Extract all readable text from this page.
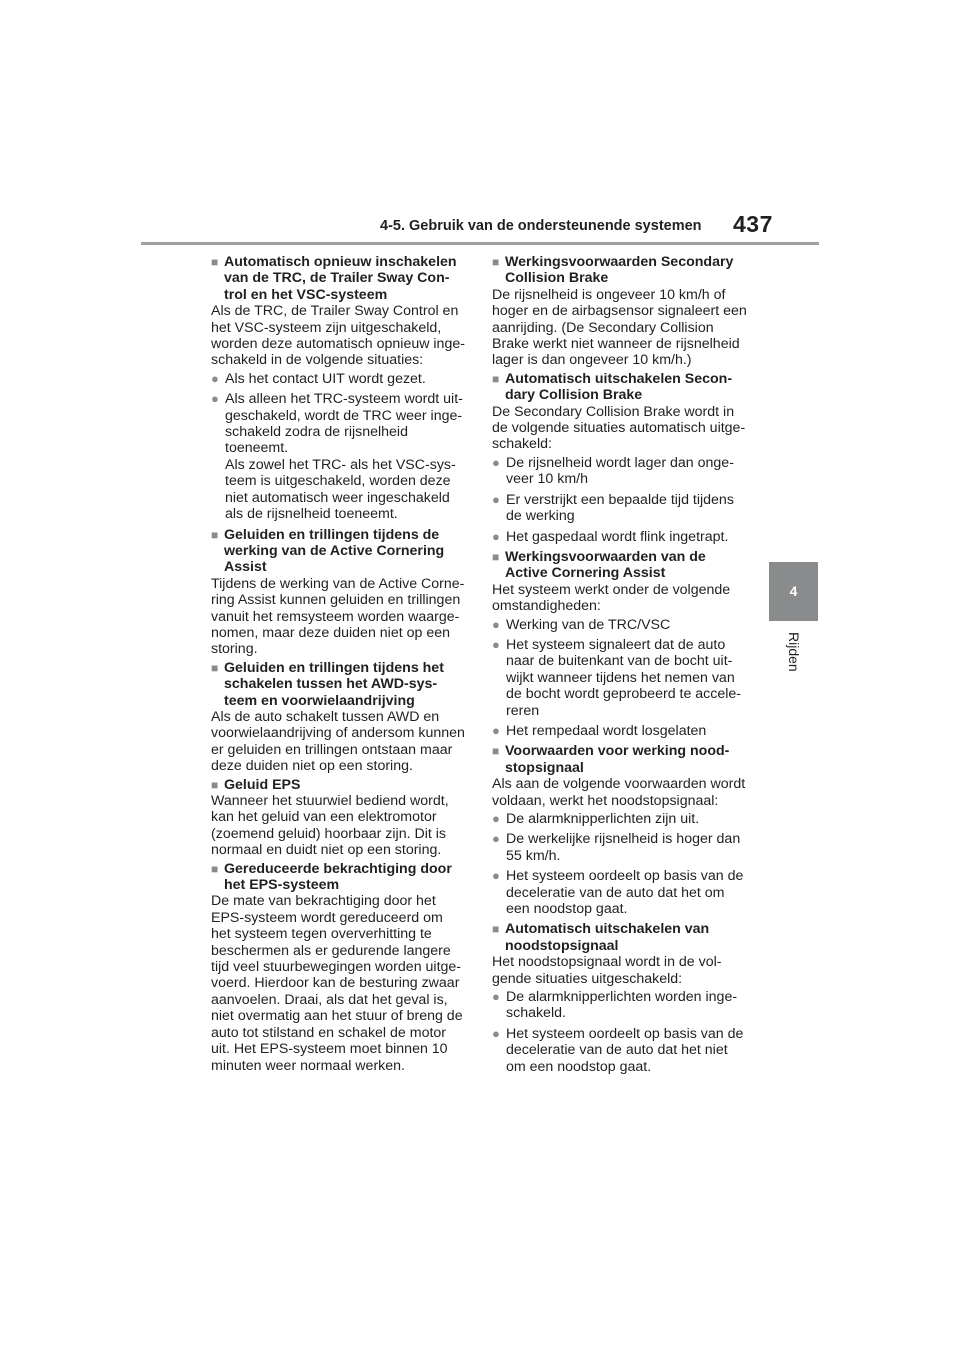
4-5. Gebruik van de ondersteunende systemen 437
4
Rijden
■ Automatisch opnieuw inschakelen
van de TRC, de Trailer Sway Con-
trol en het VSC-systeem
Als de TRC, de Trailer Sway Control en
het VSC-systeem zijn uitgeschakeld,
worden deze automatisch opnieuw inge-
schakeld in de volgende situaties:
● Als het contact UIT wordt gezet.
● Als alleen het TRC-systeem wordt uit-
geschakeld, wordt de TRC weer inge-
schakeld zodra de rijsnelheid
toeneemt.
Als zowel het TRC- als het VSC-sys-
teem is uitgeschakeld, worden deze
niet automatisch weer ingeschakeld
als de rijsnelheid toeneemt.
■ Geluiden en trillingen tijdens de
werking van de Active Cornering
Assist
Tijdens de werking van de Active Corne-
ring Assist kunnen geluiden en trillingen
vanuit het remsysteem worden waarge-
nomen, maar deze duiden niet op een
storing.
■ Geluiden en trillingen tijdens het
schakelen tussen het AWD-sys-
teem en voorwielaandrijving
Als de auto schakelt tussen AWD en
voorwielaandrijving of andersom kunnen
er geluiden en trillingen ontstaan maar
deze duiden niet op een storing.
■ Geluid EPS
Wanneer het stuurwiel bediend wordt,
kan het geluid van een elektromotor
(zoemend geluid) hoorbaar zijn. Dit is
normaal en duidt niet op een storing.
■ Gereduceerde bekrachtiging door
het EPS-systeem
De mate van bekrachtiging door het
EPS-systeem wordt gereduceerd om
het systeem tegen oververhitting te
beschermen als er gedurende langere
tijd veel stuurbewegingen worden uitge-
voerd. Hierdoor kan de besturing zwaar
aanvoelen. Draai, als dat het geval is,
niet overmatig aan het stuur of breng de
auto tot stilstand en schakel de motor
uit. Het EPS-systeem moet binnen 10
minuten weer normaal werken.
■ Werkingsvoorwaarden Secondary
Collision Brake
De rijsnelheid is ongeveer 10 km/h of
hoger en de airbagsensor signaleert een
aanrijding. (De Secondary Collision
Brake werkt niet wanneer de rijsnelheid
lager is dan ongeveer 10 km/h.)
■ Automatisch uitschakelen Secon-
dary Collision Brake
De Secondary Collision Brake wordt in
de volgende situaties automatisch uitge-
schakeld:
● De rijsnelheid wordt lager dan onge-
veer 10 km/h
● Er verstrijkt een bepaalde tijd tijdens
de werking
● Het gaspedaal wordt flink ingetrapt.
■ Werkingsvoorwaarden van de
Active Cornering Assist
Het systeem werkt onder de volgende
omstandigheden:
● Werking van de TRC/VSC
● Het systeem signaleert dat de auto
naar de buitenkant van de bocht uit-
wijkt wanneer tijdens het nemen van
de bocht wordt geprobeerd te accele-
reren
● Het rempedaal wordt losgelaten
■ Voorwaarden voor werking nood-
stopsignaal
Als aan de volgende voorwaarden wordt
voldaan, werkt het noodstopsignaal:
● De alarmknipperlichten zijn uit.
● De werkelijke rijsnelheid is hoger dan
55 km/h.
● Het systeem oordeelt op basis van de
deceleratie van de auto dat het om
een noodstop gaat.
■ Automatisch uitschakelen van
noodstopsignaal
Het noodstopsignaal wordt in de vol-
gende situaties uitgeschakeld:
● De alarmknipperlichten worden inge-
schakeld.
● Het systeem oordeelt op basis van de
deceleratie van de auto dat het niet
om een noodstop gaat.
